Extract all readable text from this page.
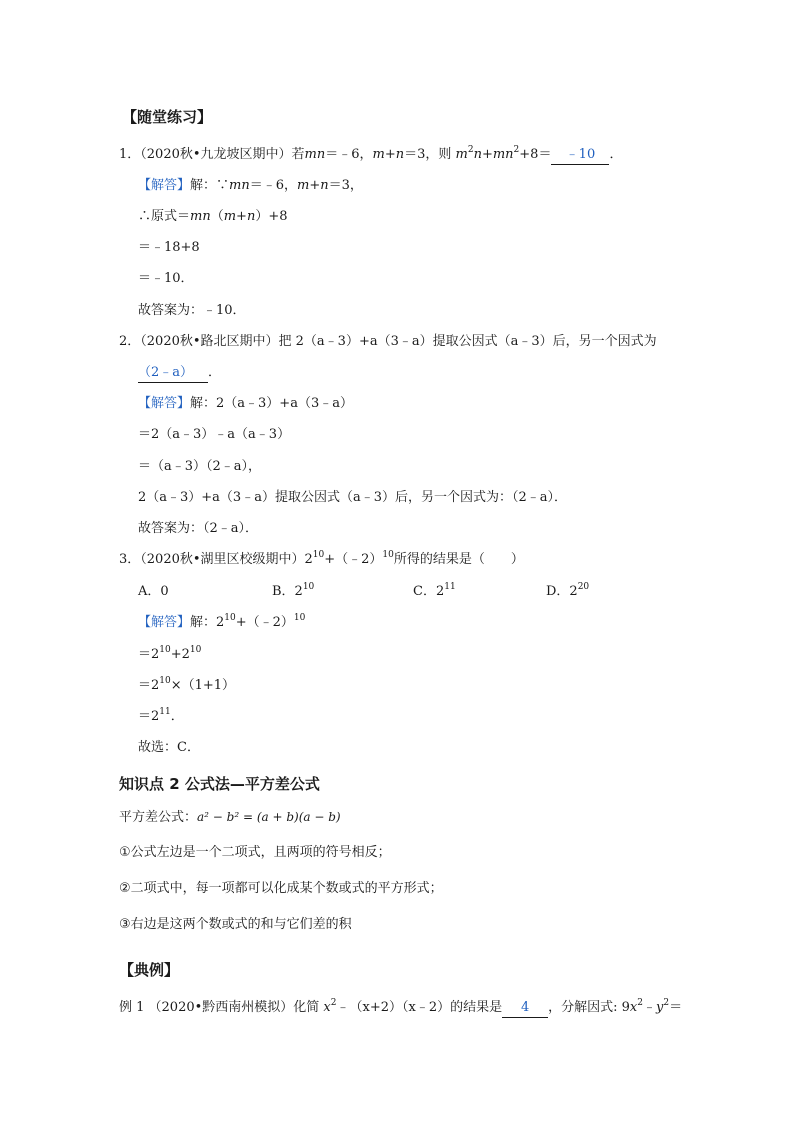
【随堂练习】
1．（2020秋•九龙坡区期中）若mn＝﹣6，m+n＝3，则 $m^2n+mn^2+8=$ ﹣10 ．
【解答】解：∵mn＝﹣6，m+n＝3，
∴原式＝mn（m+n）+8
＝﹣18+8
＝﹣10．
故答案为：﹣10．
2．（2020秋•路北区期中）把 2（a﹣3）+a（3﹣a）提取公因式（a﹣3）后，另一个因式为
（2﹣a） ．
【解答】解：2（a﹣3）+a（3﹣a）
＝2（a﹣3）﹣a（a﹣3）
＝（a﹣3）（2﹣a），
2（a﹣3）+a（3﹣a）提取公因式（a﹣3）后，另一个因式为：（2﹣a）．
故答案为：（2﹣a）．
3．（2020秋•湖里区校级期中）$2^{10}+(﹣2)^{10}$所得的结果是（　　）
A．0	B．$2^{10}$	C．$2^{11}$	D．$2^{20}$
【解答】解：$2^{10}+(﹣2)^{10}$
$=2^{10}+2^{10}$
$=2^{10}\times(1+1)$
$=2^{11}$．
故选：C．
知识点 2 公式法—平方差公式
平方差公式：a² − b² = (a + b)(a − b)
①公式左边是一个二项式，且两项的符号相反；
②二项式中，每一项都可以化成某个数或式的平方形式；
③右边是这两个数或式的和与它们差的积
【典例】
例 1 （2020•黔西南州模拟）化简 $x^2﹣(x+2)(x﹣2)$的结果是 4 ，分解因式: $9x^2﹣y^2=$
